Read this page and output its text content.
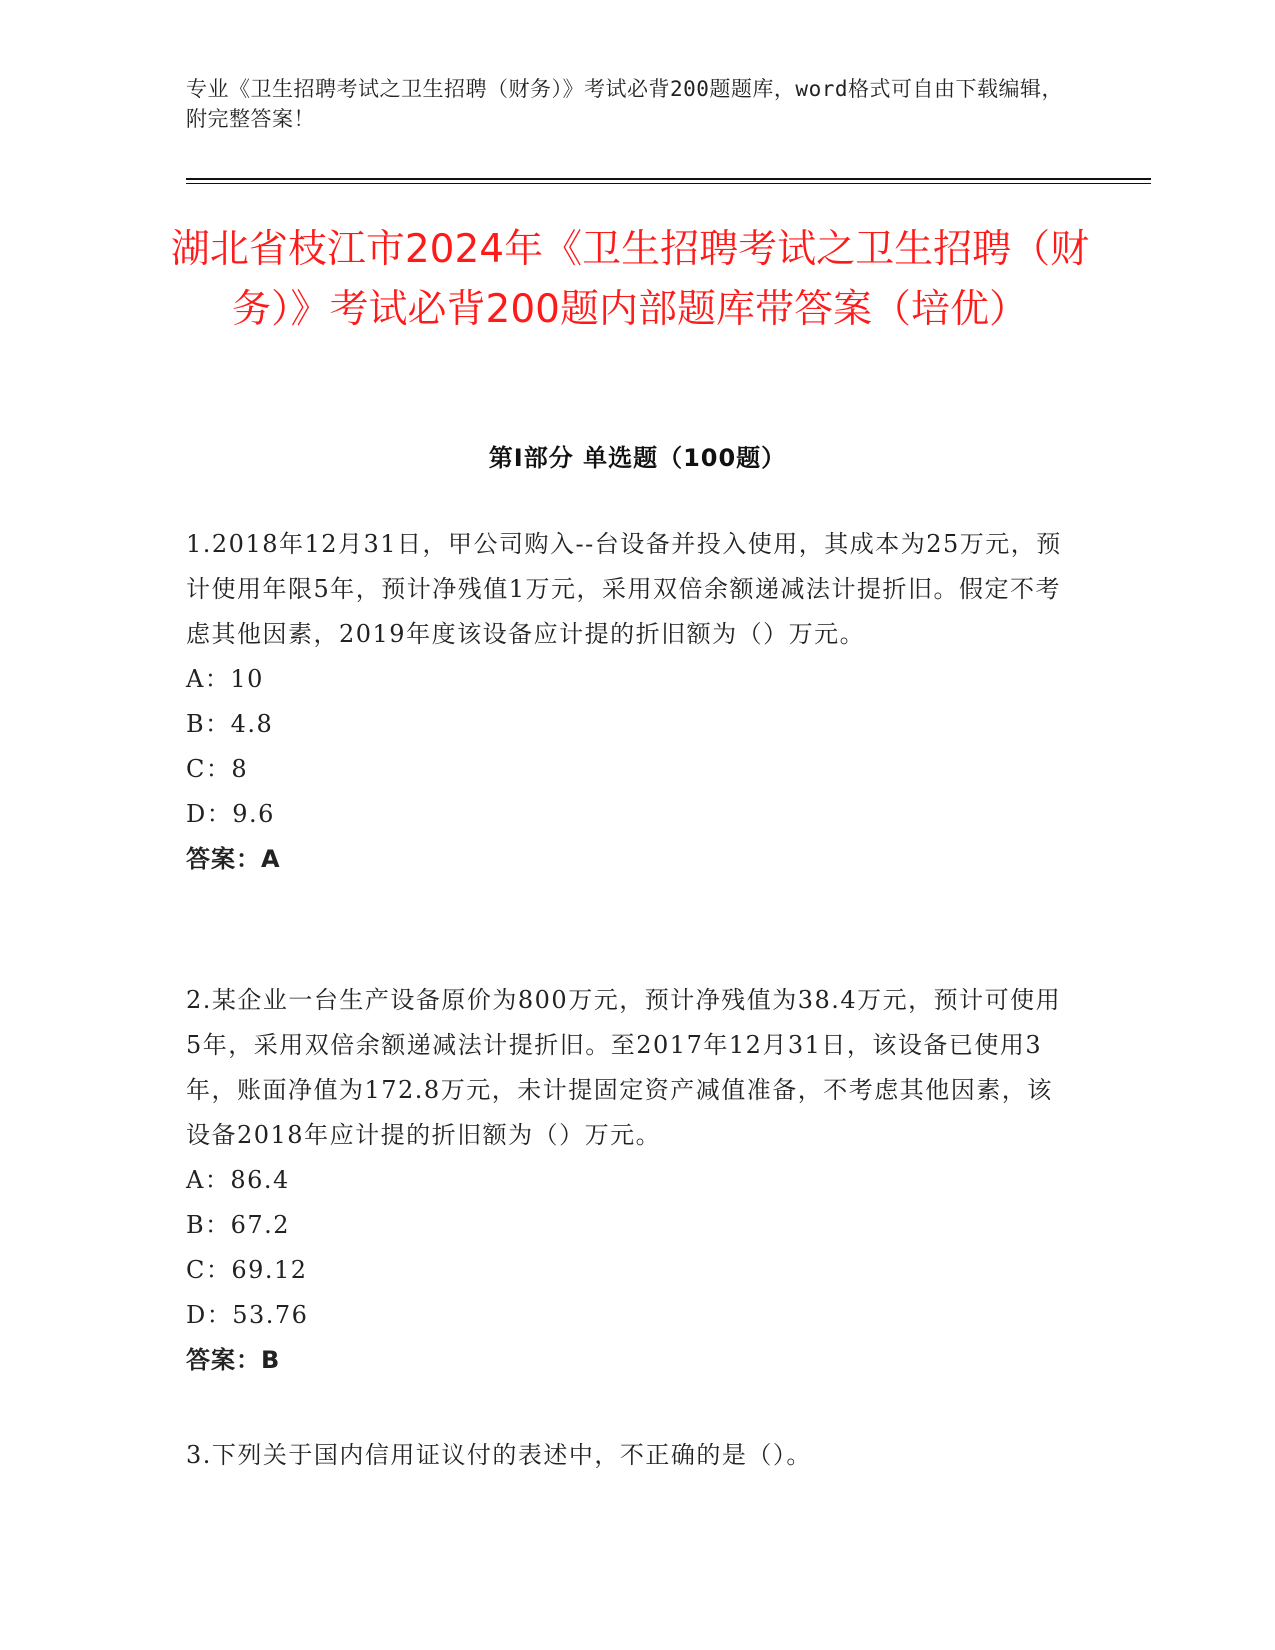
专业《卫生招聘考试之卫生招聘（财务）》考试必背200题题库，word格式可自由下载编辑，附完整答案！
湖北省枝江市2024年《卫生招聘考试之卫生招聘（财务）》考试必背200题内部题库带答案（培优）
第Ⅰ部分 单选题（100题）

1.2018年12月31日，甲公司购入--台设备并投入使用，其成本为25万元，预计使用年限5年，预计净残值1万元，采用双倍余额递减法计提折旧。假定不考虑其他因素，2019年度该设备应计提的折旧额为（）万元。

A：10

B：4.8

C：8

D：9.6

答案：A

2.某企业一台生产设备原价为800万元，预计净残值为38.4万元，预计可使用5年，采用双倍余额递减法计提折旧。至2017年12月31日，该设备已使用3年，账面净值为172.8万元，未计提固定资产减值准备，不考虑其他因素，该设备2018年应计提的折旧额为（）万元。

A：86.4

B：67.2

C：69.12

D：53.76

答案：B

3.下列关于国内信用证议付的表述中，不正确的是（）。
